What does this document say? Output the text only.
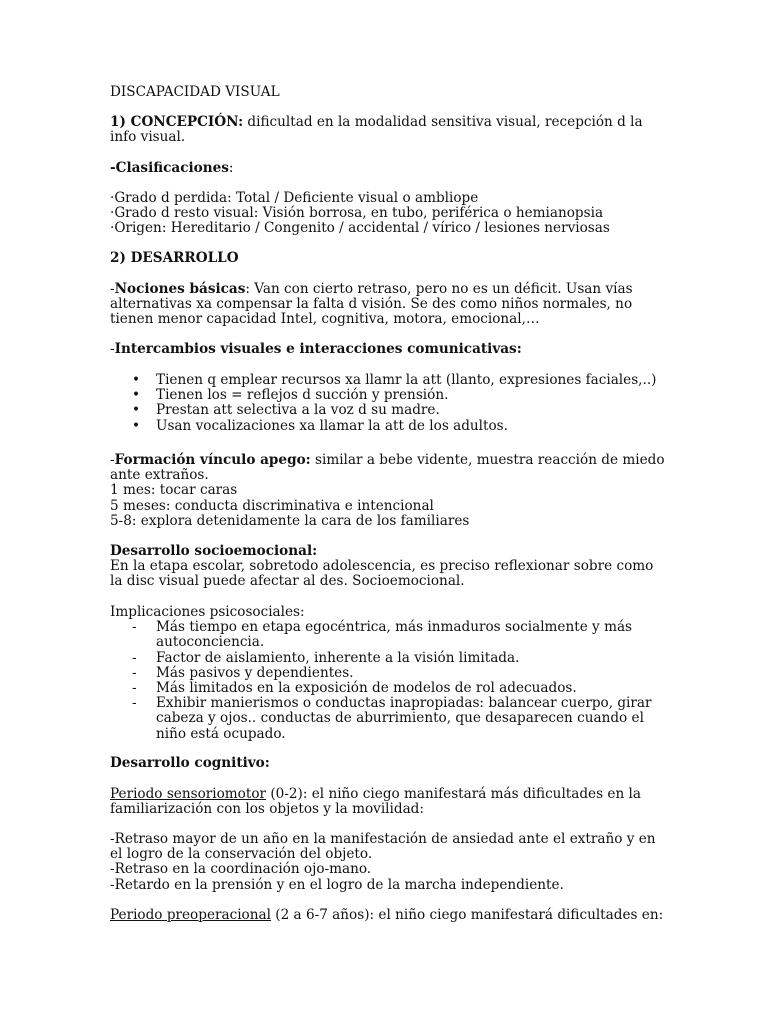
DISCAPACIDAD VISUAL

1) CONCEPCIÓN: dificultad en la modalidad sensitiva visual, recepción d la info visual.

-Clasificaciones:

·Grado d perdida: Total / Deficiente visual o ambliope

·Grado d resto visual: Visión borrosa, en tubo, periférica o hemianopsia

·Origen: Hereditario / Congenito / accidental / vírico / lesiones nerviosas

2) DESARROLLO

-Nociones básicas: Van con cierto retraso, pero no es un déficit. Usan vías alternativas xa compensar la falta d visión. Se des como niños normales, no tienen menor capacidad Intel, cognitiva, motora, emocional,…

-Intercambios visuales e interacciones comunicativas:

• Tienen q emplear recursos xa llamr la att (llanto, expresiones faciales,..)
• Tienen los = reflejos d succión y prensión.
• Prestan att selectiva a la voz d su madre.
• Usan vocalizaciones xa llamar la att de los adultos.

-Formación vínculo apego: similar a bebe vidente, muestra reacción de miedo ante extraños.

1 mes: tocar caras

5 meses: conducta discriminativa e intencional

5-8: explora detenidamente la cara de los familiares

Desarrollo socioemocional:

En la etapa escolar, sobretodo adolescencia, es preciso reflexionar sobre como la disc visual puede afectar al des. Socioemocional.

Implicaciones psicosociales:

- Más tiempo en etapa egocéntrica, más inmaduros socialmente y más autoconciencia.
- Factor de aislamiento, inherente a la visión limitada.
- Más pasivos y dependientes.
- Más limitados en la exposición de modelos de rol adecuados.
- Exhibir manierismos o conductas inapropiadas: balancear cuerpo, girar cabeza y ojos.. conductas de aburrimiento, que desaparecen cuando el niño está ocupado.

Desarrollo cognitivo:

Periodo sensoriomotor (0-2): el niño ciego manifestará más dificultades en la familiarización con los objetos y la movilidad:

-Retraso mayor de un año en la manifestación de ansiedad ante el extraño y en el logro de la conservación del objeto.

-Retraso en la coordinación ojo-mano.

-Retardo en la prensión y en el logro de la marcha independiente.

Periodo preoperacional (2 a 6-7 años): el niño ciego manifestará dificultades en:
